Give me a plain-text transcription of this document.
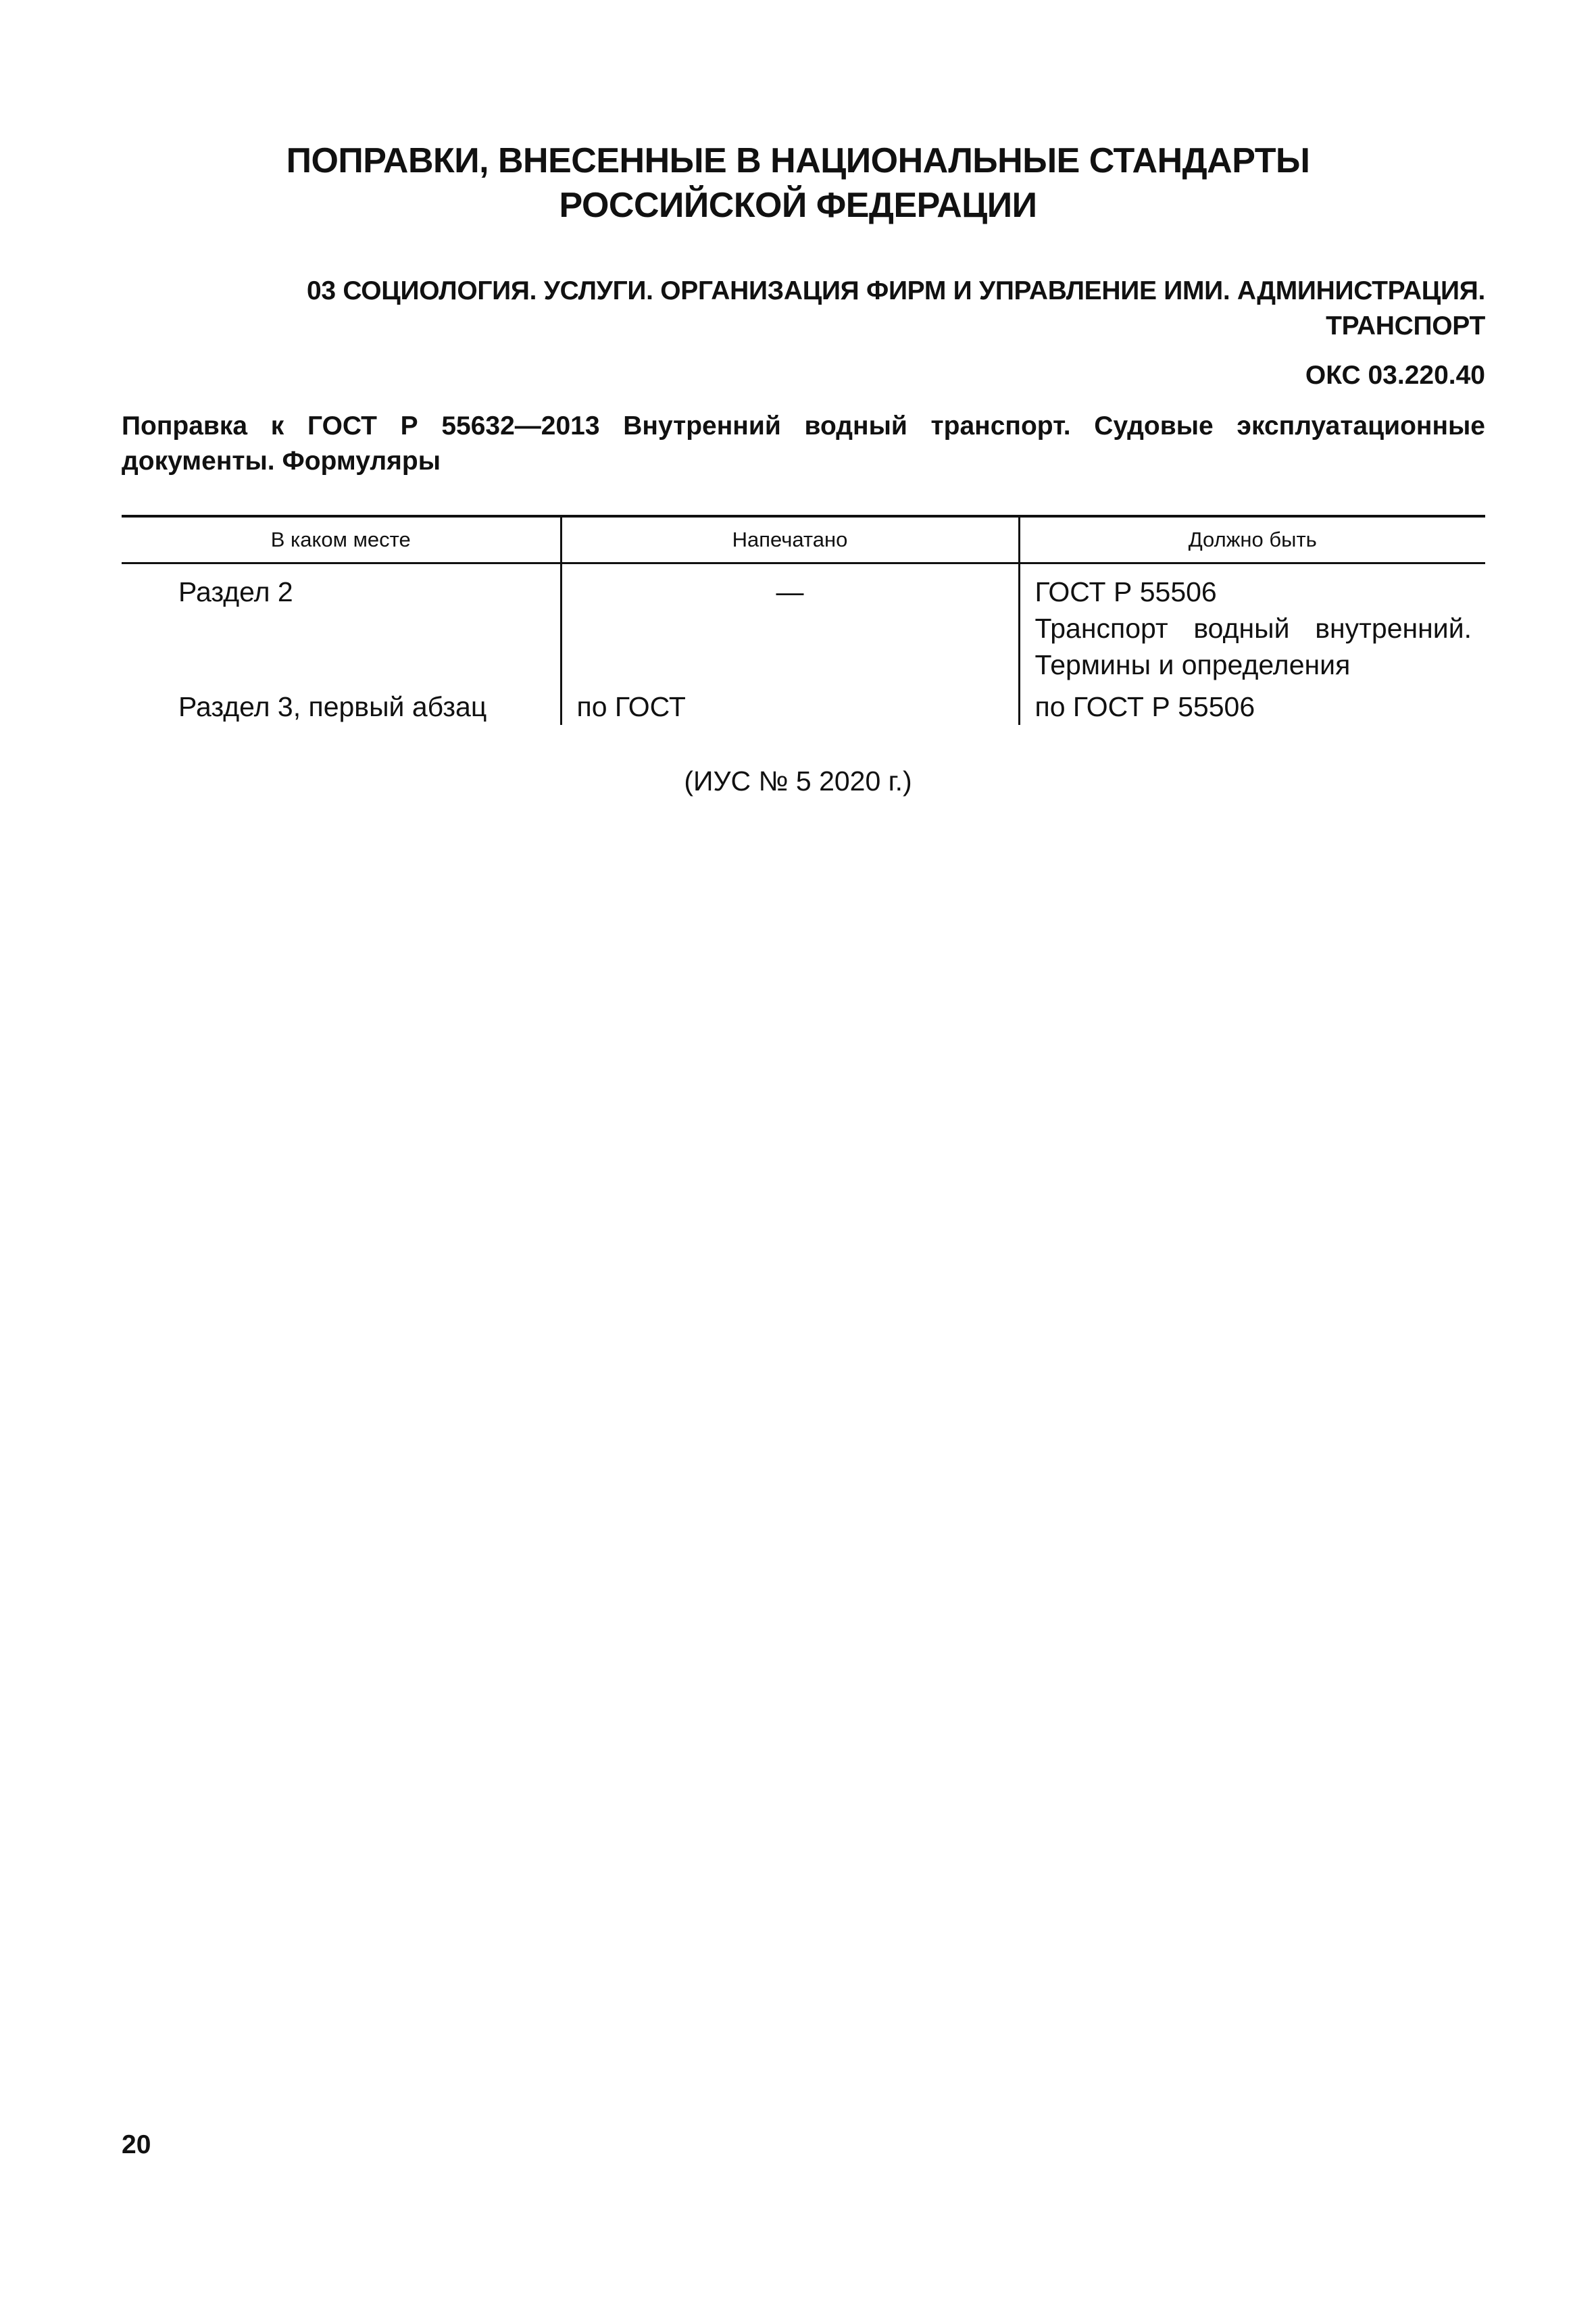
ПОПРАВКИ, ВНЕСЕННЫЕ В НАЦИОНАЛЬНЫЕ СТАНДАРТЫ
РОССИЙСКОЙ ФЕДЕРАЦИИ
03 СОЦИОЛОГИЯ. УСЛУГИ. ОРГАНИЗАЦИЯ ФИРМ И УПРАВЛЕНИЕ ИМИ. АДМИНИСТРАЦИЯ.
ТРАНСПОРТ
ОКС 03.220.40
Поправка к ГОСТ Р 55632—2013 Внутренний водный транспорт. Судовые эксплуатационные документы. Формуляры
В каком месте	Напечатано	Должно быть
Раздел 2	—	ГОСТ Р 55506
Транспорт водный внутренний.
Термины и определения

Раздел 3, первый абзац	по ГОСТ	по ГОСТ Р 55506
(ИУС № 5 2020 г.)
20
